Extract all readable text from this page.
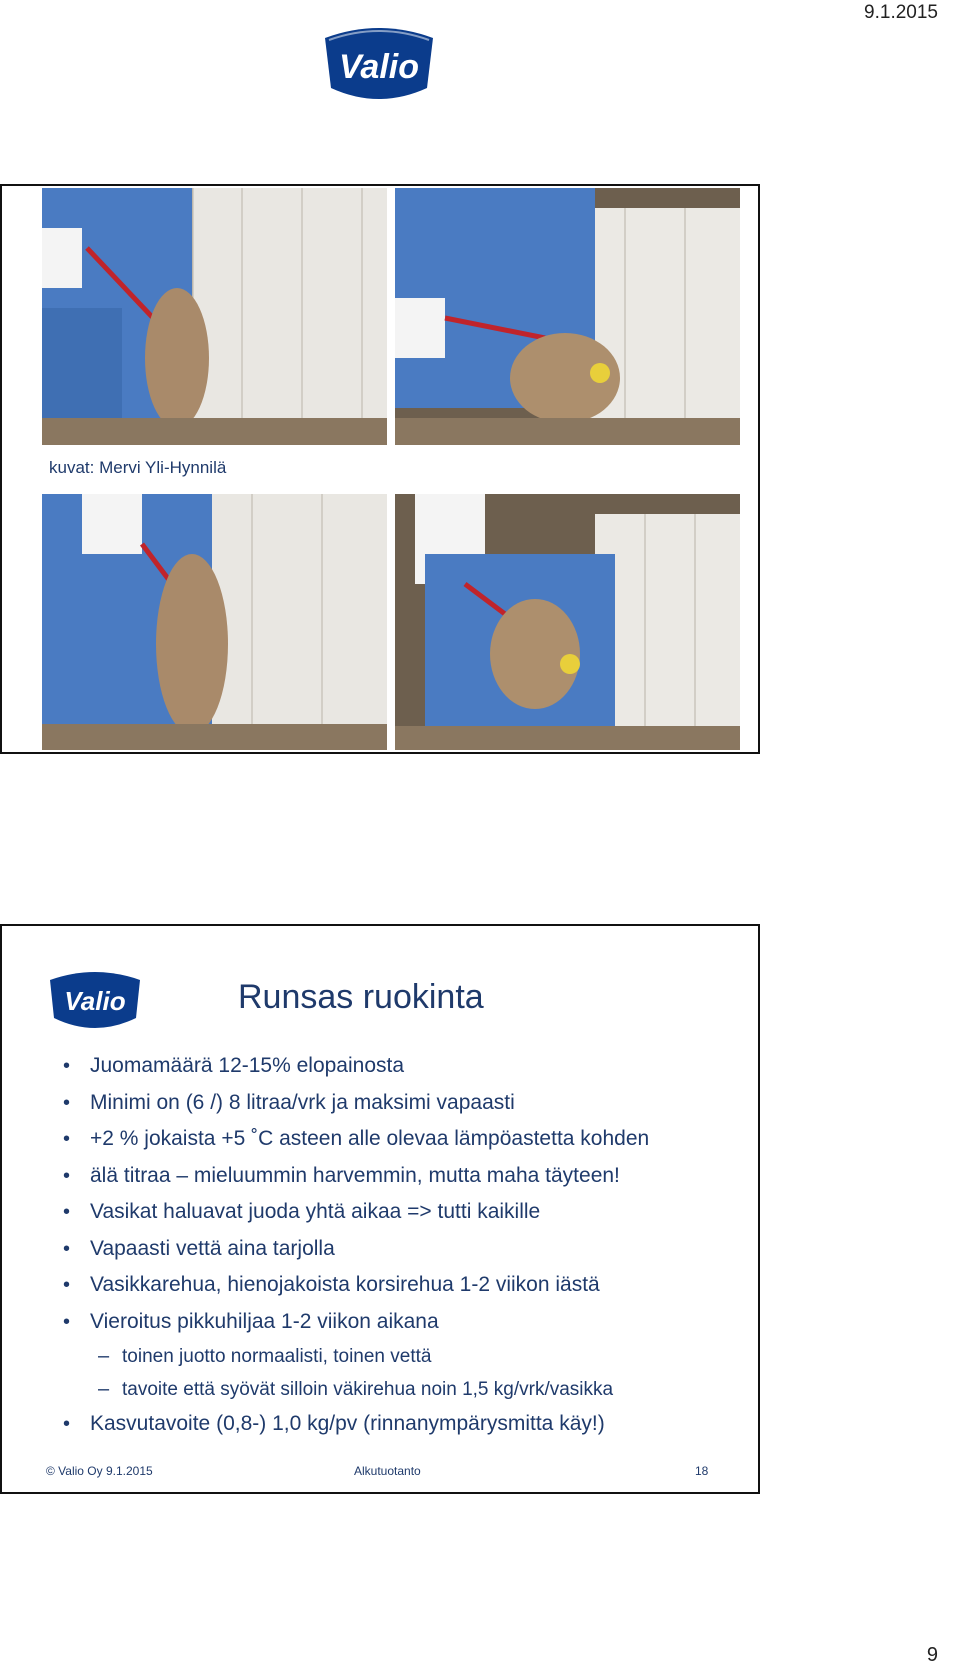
9.1.2015
Valio
kuvat: Mervi Yli-Hynnilä
Valio	Runsas ruokinta
• Juomamäärä 12-15% elopainosta
• Minimi on (6 /) 8 litraa/vrk ja maksimi vapaasti
• +2 % jokaista +5 ˚C asteen alle olevaa lämpöastetta kohden
• älä titraa – mieluummin harvemmin, mutta maha täyteen!
• Vasikat haluavat juoda yhtä aikaa => tutti kaikille
• Vapaasti vettä aina tarjolla
• Vasikkarehua, hienojakoista korsirehua 1-2 viikon iästä
• Vieroitus pikkuhiljaa 1-2 viikon aikana
– toinen juotto normaalisti, toinen vettä
– tavoite että syövät silloin väkirehua noin 1,5 kg/vrk/vasikka
• Kasvutavoite (0,8-) 1,0 kg/pv (rinnanympärysmitta käy!)
© Valio Oy 9.1.2015	Alkutuotanto	18
9
